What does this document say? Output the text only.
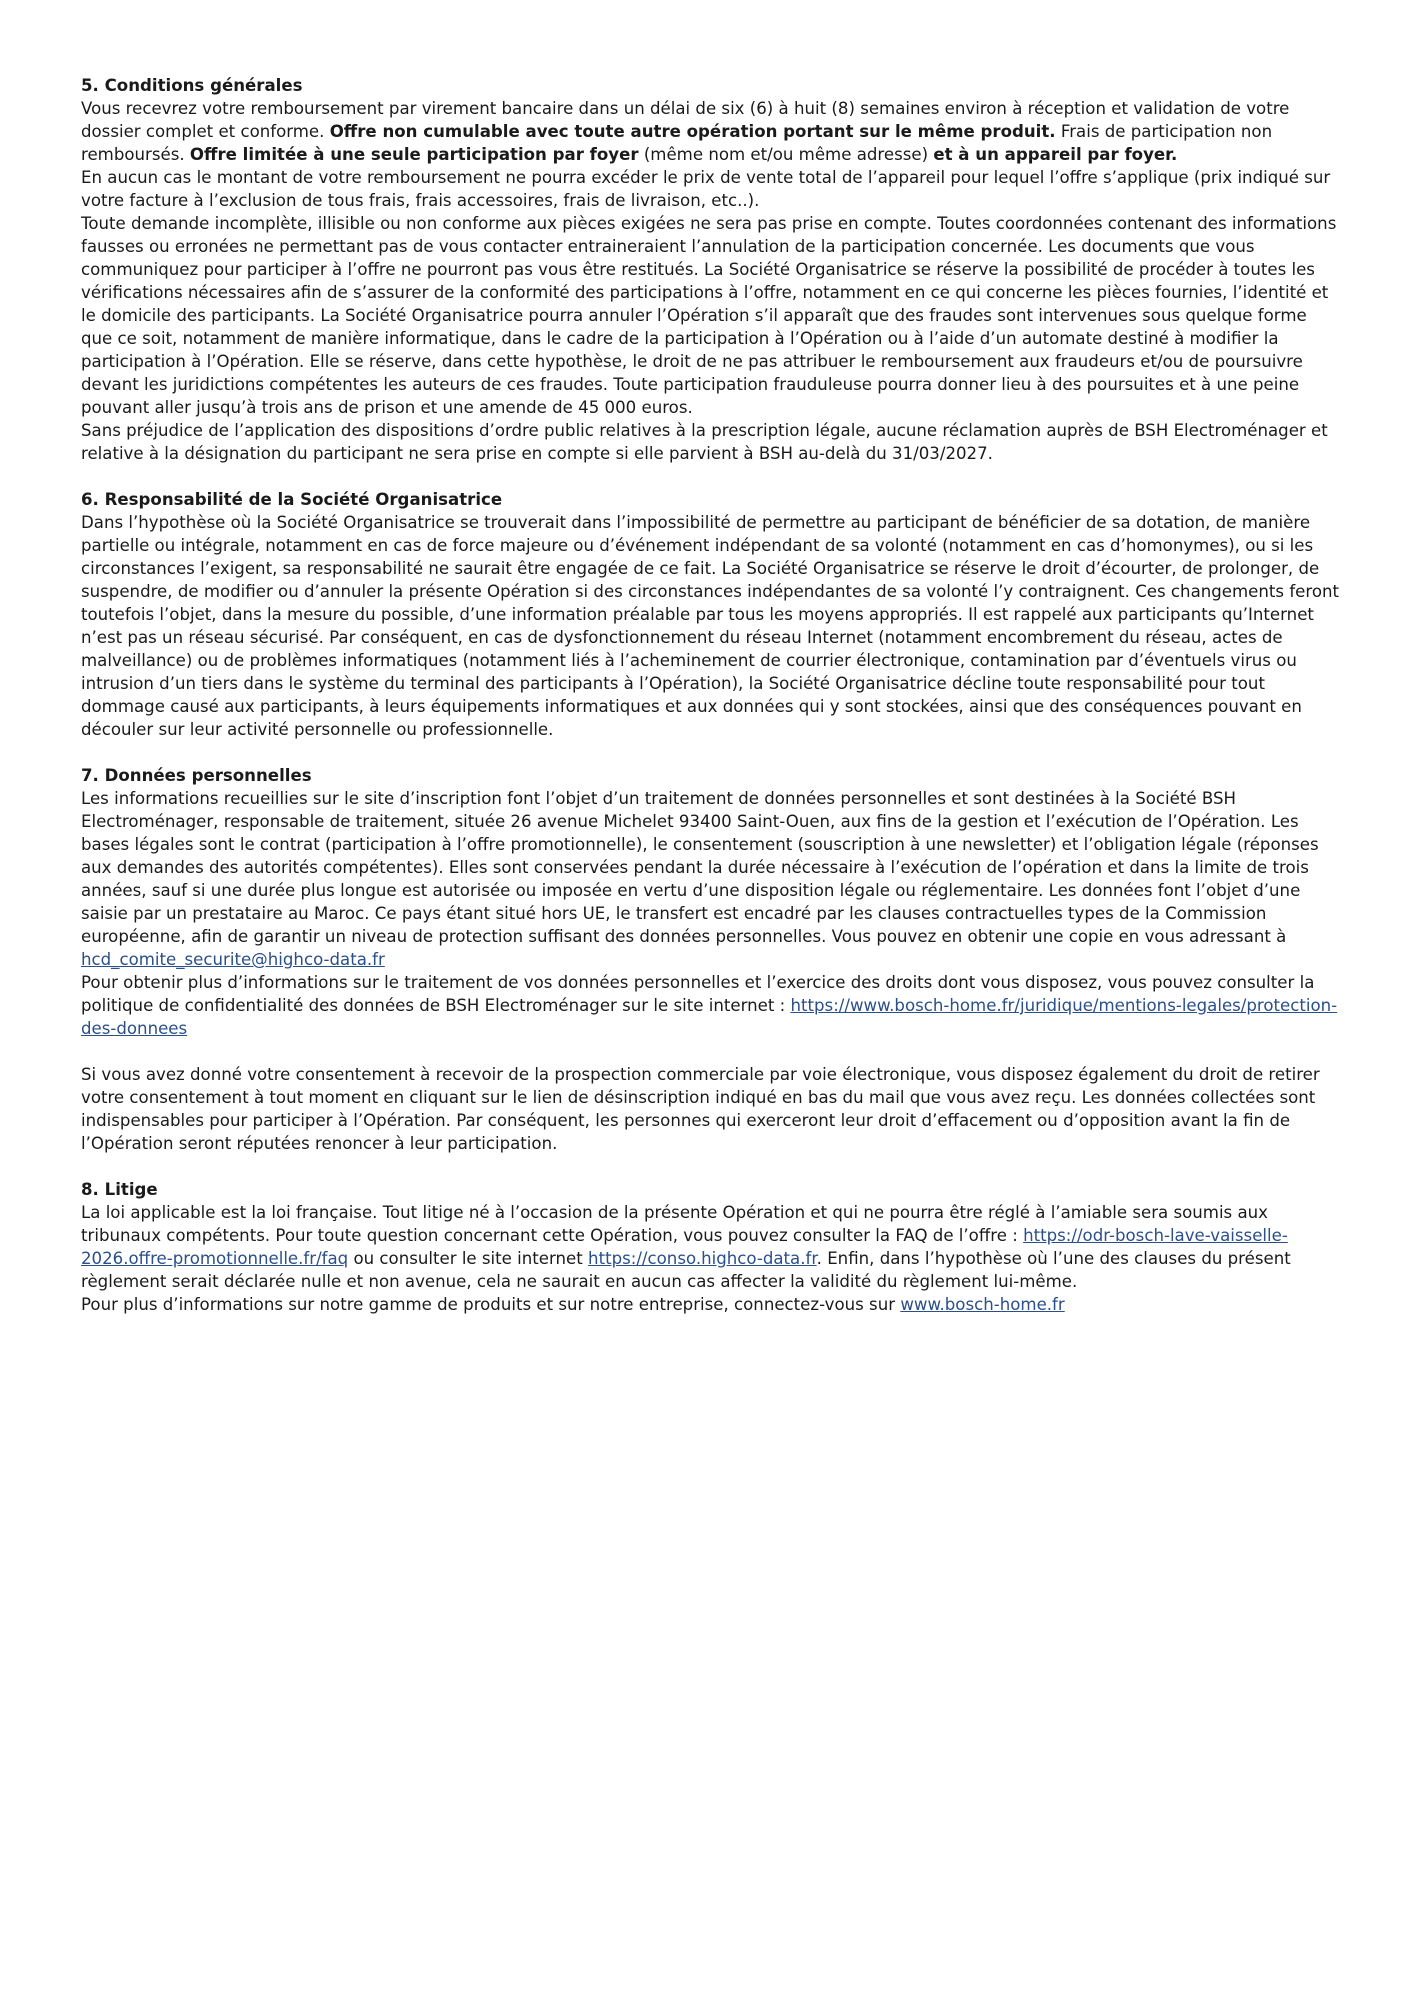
5. Conditions générales

Vous recevrez votre remboursement par virement bancaire dans un délai de six (6) à huit (8) semaines environ à réception et validation de votre dossier complet et conforme. Offre non cumulable avec toute autre opération portant sur le même produit. Frais de participation non remboursés. Offre limitée à une seule participation par foyer (même nom et/ou même adresse) et à un appareil par foyer.

En aucun cas le montant de votre remboursement ne pourra excéder le prix de vente total de l’appareil pour lequel l’offre s’applique (prix indiqué sur votre facture à l’exclusion de tous frais, frais accessoires, frais de livraison, etc..).

Toute demande incomplète, illisible ou non conforme aux pièces exigées ne sera pas prise en compte. Toutes coordonnées contenant des informations fausses ou erronées ne permettant pas de vous contacter entraineraient l’annulation de la participation concernée. Les documents que vous communiquez pour participer à l’offre ne pourront pas vous être restitués. La Société Organisatrice se réserve la possibilité de procéder à toutes les vérifications nécessaires afin de s’assurer de la conformité des participations à l’offre, notamment en ce qui concerne les pièces fournies, l’identité et le domicile des participants. La Société Organisatrice pourra annuler l’Opération s’il apparaît que des fraudes sont intervenues sous quelque forme que ce soit, notamment de manière informatique, dans le cadre de la participation à l’Opération ou à l’aide d’un automate destiné à modifier la participation à l’Opération. Elle se réserve, dans cette hypothèse, le droit de ne pas attribuer le remboursement aux fraudeurs et/ou de poursuivre devant les juridictions compétentes les auteurs de ces fraudes. Toute participation frauduleuse pourra donner lieu à des poursuites et à une peine pouvant aller jusqu’à trois ans de prison et une amende de 45 000 euros.

Sans préjudice de l’application des dispositions d’ordre public relatives à la prescription légale, aucune réclamation auprès de BSH Electroménager et relative à la désignation du participant ne sera prise en compte si elle parvient à BSH au-delà du 31/03/2027.

6. Responsabilité de la Société Organisatrice

Dans l’hypothèse où la Société Organisatrice se trouverait dans l’impossibilité de permettre au participant de bénéficier de sa dotation, de manière partielle ou intégrale, notamment en cas de force majeure ou d’événement indépendant de sa volonté (notamment en cas d’homonymes), ou si les circonstances l’exigent, sa responsabilité ne saurait être engagée de ce fait. La Société Organisatrice se réserve le droit d’écourter, de prolonger, de suspendre, de modifier ou d’annuler la présente Opération si des circonstances indépendantes de sa volonté l’y contraignent. Ces changements feront toutefois l’objet, dans la mesure du possible, d’une information préalable par tous les moyens appropriés. Il est rappelé aux participants qu’Internet n’est pas un réseau sécurisé. Par conséquent, en cas de dysfonctionnement du réseau Internet (notamment encombrement du réseau, actes de malveillance) ou de problèmes informatiques (notamment liés à l’acheminement de courrier électronique, contamination par d’éventuels virus ou intrusion d’un tiers dans le système du terminal des participants à l’Opération), la Société Organisatrice décline toute responsabilité pour tout dommage causé aux participants, à leurs équipements informatiques et aux données qui y sont stockées, ainsi que des conséquences pouvant en découler sur leur activité personnelle ou professionnelle.

7. Données personnelles

Les informations recueillies sur le site d’inscription font l’objet d’un traitement de données personnelles et sont destinées à la Société BSH Electroménager, responsable de traitement, située 26 avenue Michelet 93400 Saint-Ouen, aux fins de la gestion et l’exécution de l’Opération. Les bases légales sont le contrat (participation à l’offre promotionnelle), le consentement (souscription à une newsletter) et l’obligation légale (réponses aux demandes des autorités compétentes). Elles sont conservées pendant la durée nécessaire à l’exécution de l’opération et dans la limite de trois années, sauf si une durée plus longue est autorisée ou imposée en vertu d’une disposition légale ou réglementaire. Les données font l’objet d’une saisie par un prestataire au Maroc. Ce pays étant situé hors UE, le transfert est encadré par les clauses contractuelles types de la Commission européenne, afin de garantir un niveau de protection suffisant des données personnelles. Vous pouvez en obtenir une copie en vous adressant à hcd_comite_securite@highco-data.fr

Pour obtenir plus d’informations sur le traitement de vos données personnelles et l’exercice des droits dont vous disposez, vous pouvez consulter la politique de confidentialité des données de BSH Electroménager sur le site internet : https://www.bosch-home.fr/juridique/mentions-legales/protection-des-donnees

Si vous avez donné votre consentement à recevoir de la prospection commerciale par voie électronique, vous disposez également du droit de retirer votre consentement à tout moment en cliquant sur le lien de désinscription indiqué en bas du mail que vous avez reçu. Les données collectées sont indispensables pour participer à l’Opération. Par conséquent, les personnes qui exerceront leur droit d’effacement ou d’opposition avant la fin de l’Opération seront réputées renoncer à leur participation.

8. Litige

La loi applicable est la loi française. Tout litige né à l’occasion de la présente Opération et qui ne pourra être réglé à l’amiable sera soumis aux tribunaux compétents. Pour toute question concernant cette Opération, vous pouvez consulter la FAQ de l’offre : https://odr-bosch-lave-vaisselle-2026.offre-promotionnelle.fr/faq ou consulter le site internet https://conso.highco-data.fr. Enfin, dans l’hypothèse où l’une des clauses du présent règlement serait déclarée nulle et non avenue, cela ne saurait en aucun cas affecter la validité du règlement lui-même.

Pour plus d’informations sur notre gamme de produits et sur notre entreprise, connectez-vous sur www.bosch-home.fr
